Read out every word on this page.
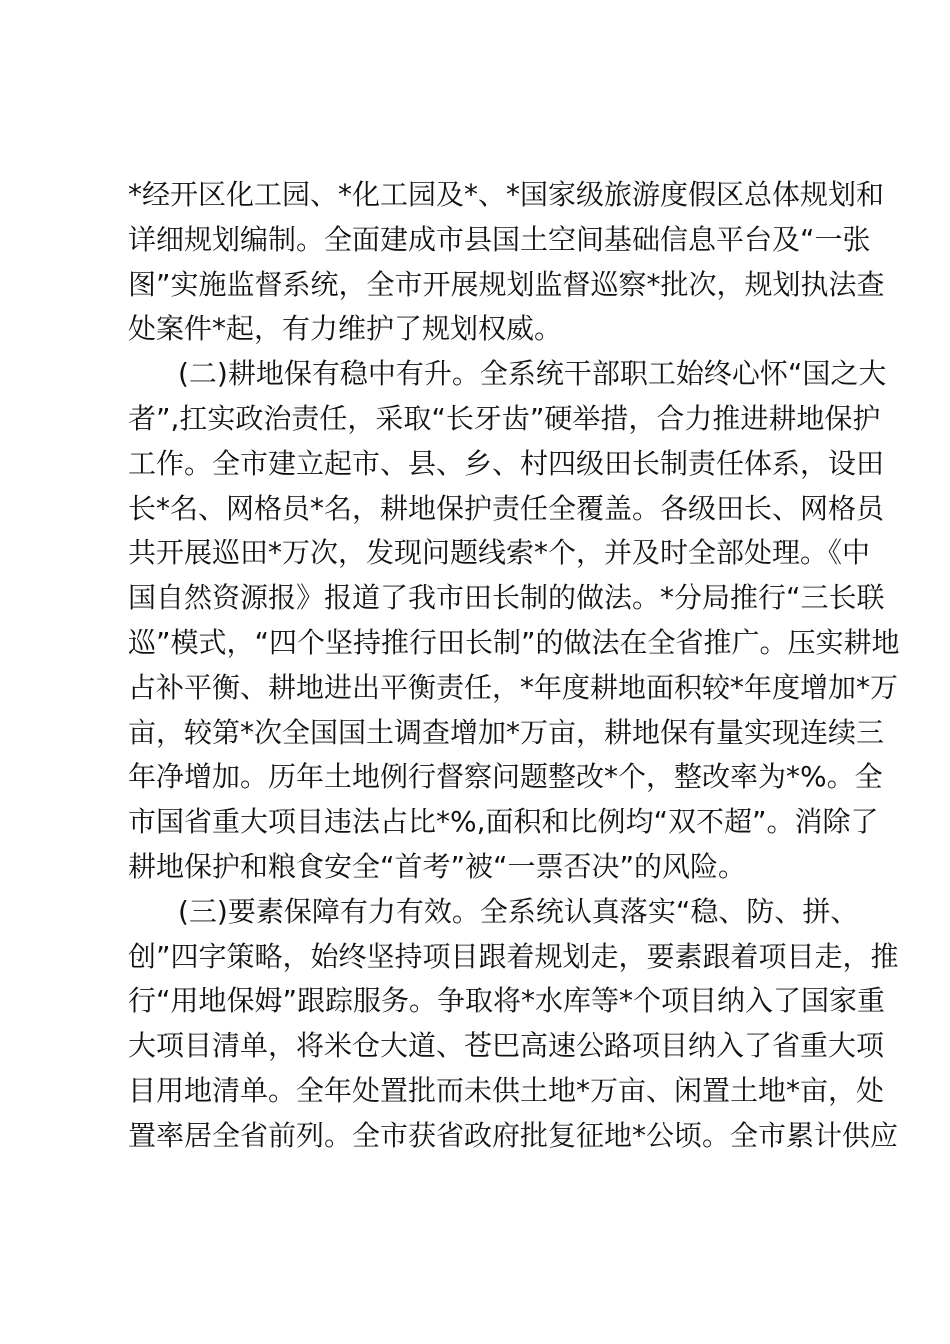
*经开区化工园、*化工园及*、*国家级旅游度假区总体规划和
详细规划编制。全面建成市县国土空间基础信息平台及“一张
图”实施监督系统，全市开展规划监督巡察*批次，规划执法查
处案件*起，有力维护了规划权威。
(二)耕地保有稳中有升。全系统干部职工始终心怀“国之大
者”,扛实政治责任，采取“长牙齿”硬举措，合力推进耕地保护
工作。全市建立起市、县、乡、村四级田长制责任体系，设田
长*名、网格员*名，耕地保护责任全覆盖。各级田长、网格员
共开展巡田*万次，发现问题线索*个，并及时全部处理。《中
国自然资源报》报道了我市田长制的做法。*分局推行“三长联
巡”模式，“四个坚持推行田长制”的做法在全省推广。压实耕地
占补平衡、耕地进出平衡责任，*年度耕地面积较*年度增加*万
亩，较第*次全国国土调查增加*万亩，耕地保有量实现连续三
年净增加。历年土地例行督察问题整改*个，整改率为*%。全
市国省重大项目违法占比*%,面积和比例均“双不超”。消除了
耕地保护和粮食安全“首考”被“一票否决”的风险。
(三)要素保障有力有效。全系统认真落实“稳、防、拼、
创”四字策略，始终坚持项目跟着规划走，要素跟着项目走，推
行“用地保姆”跟踪服务。争取将*水库等*个项目纳入了国家重
大项目清单，将米仓大道、苍巴高速公路项目纳入了省重大项
目用地清单。全年处置批而未供土地*万亩、闲置土地*亩，处
置率居全省前列。全市获省政府批复征地*公顷。全市累计供应
